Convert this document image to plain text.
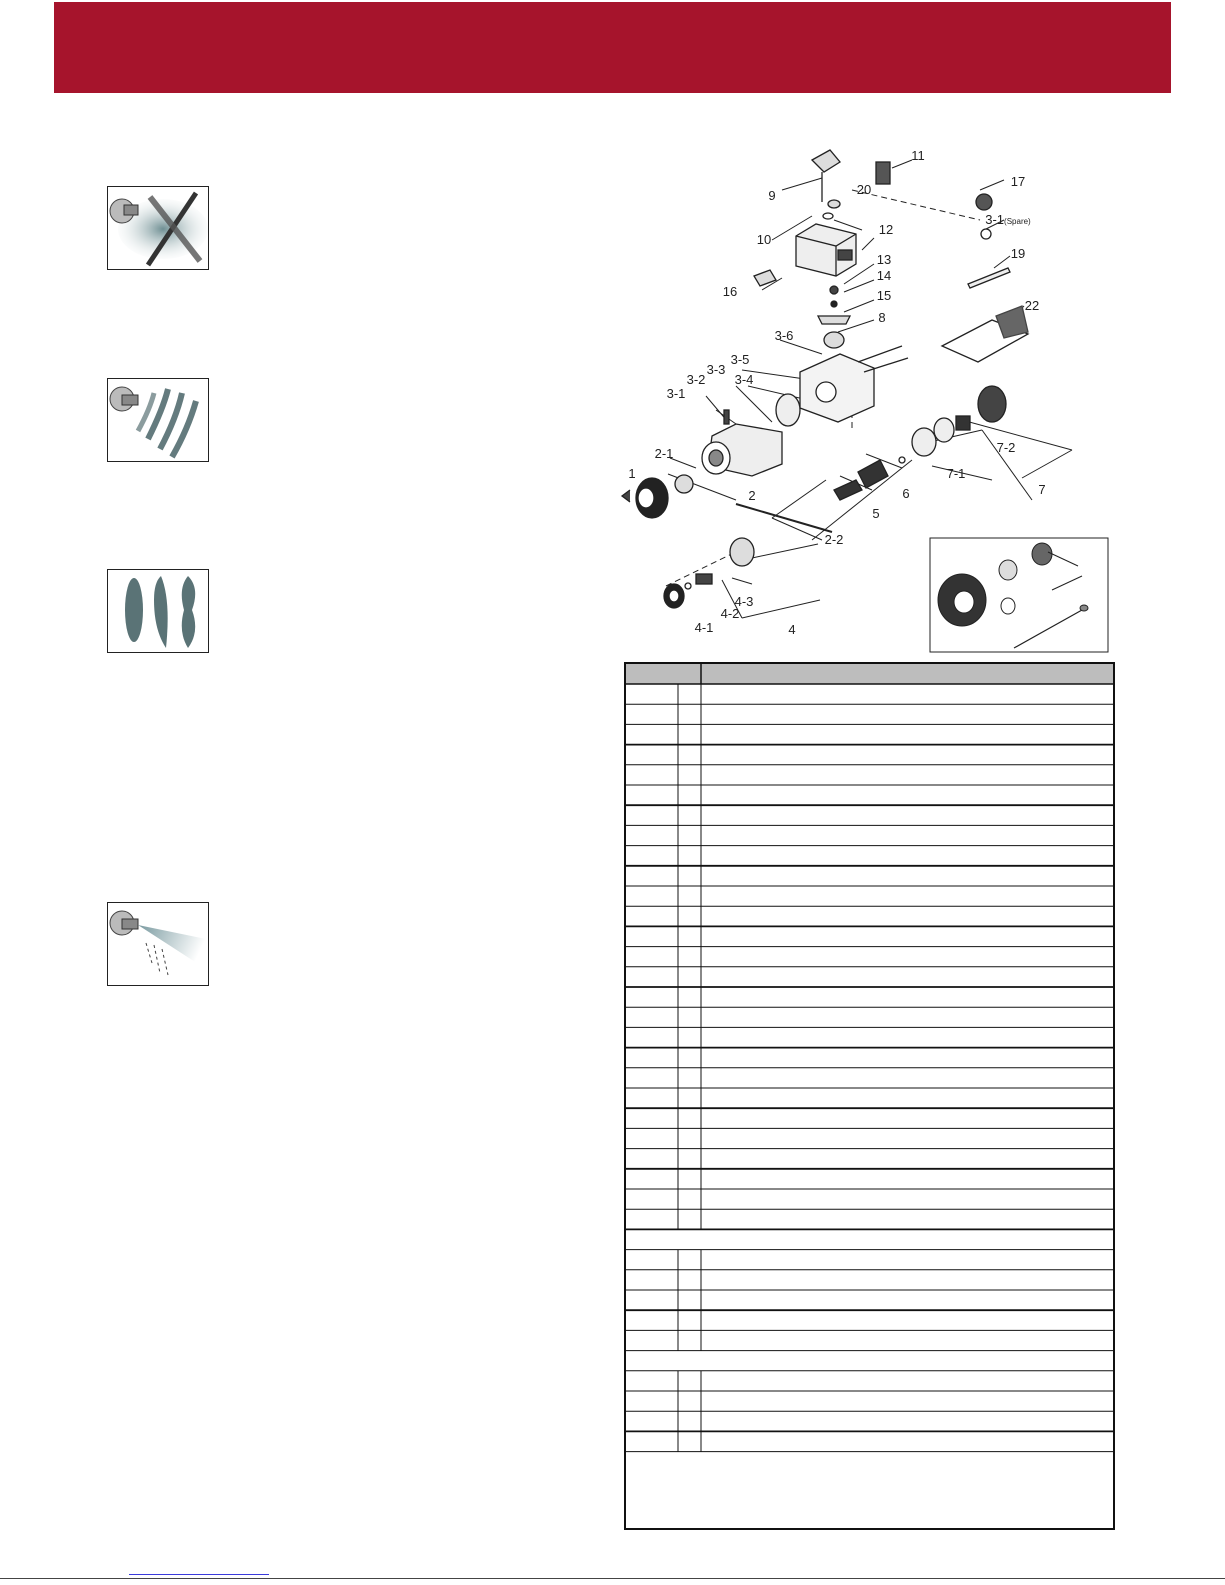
9
10
20
11
12
13
14
15
8
16
3-6
3-5
3-4
3-3
3-2
3-1
2-1
1
2
2-2
5
6
7-2
7-1
7
4-3
4-2
4-1	4
17
3-1(Spare)
19
22
